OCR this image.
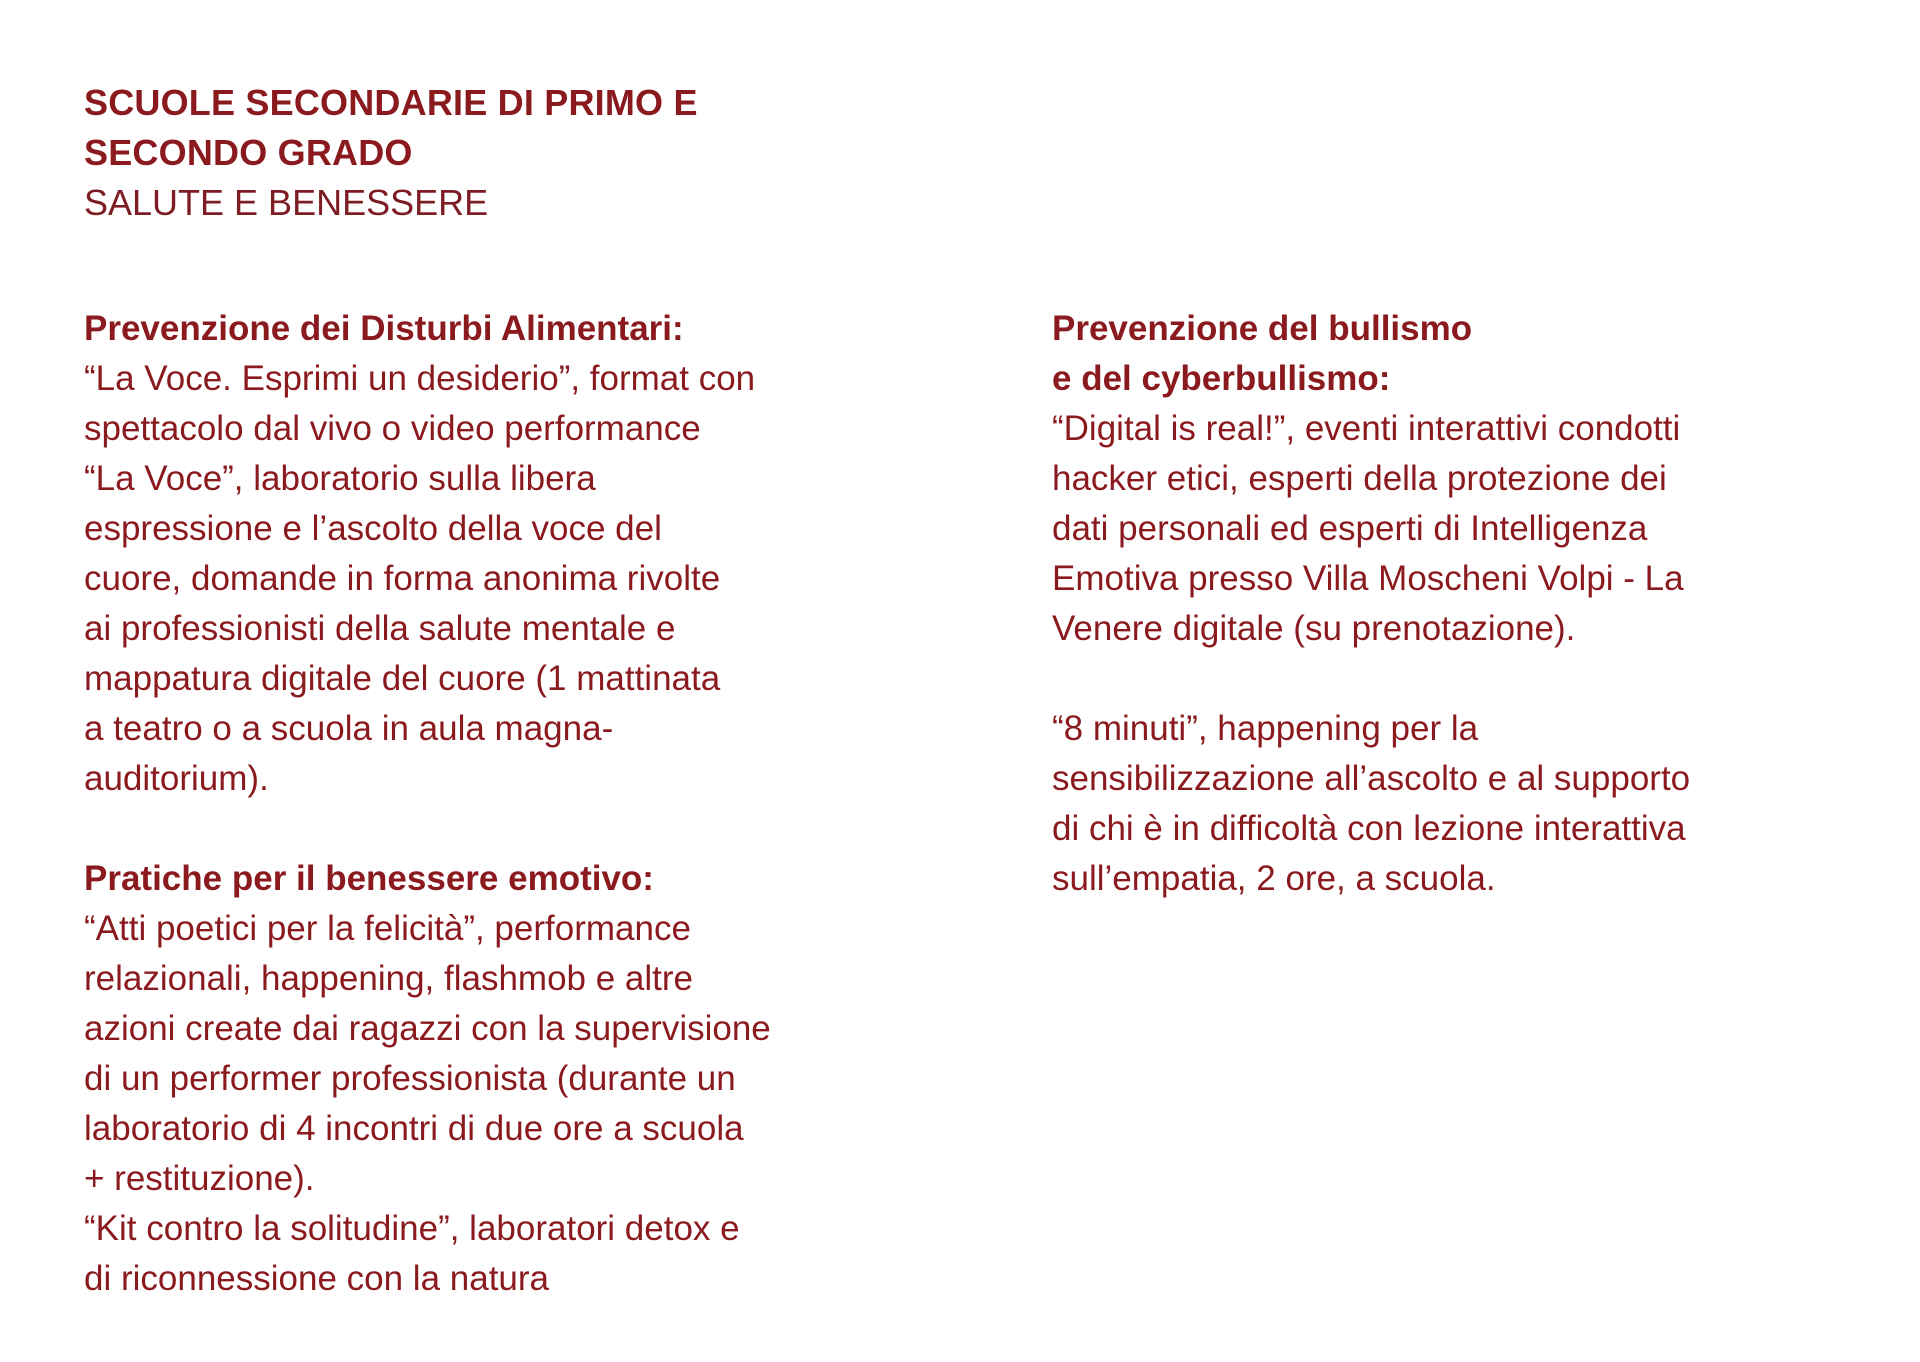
SCUOLE SECONDARIE DI PRIMO E

SECONDO GRADO

SALUTE E BENESSERE

Prevenzione dei Disturbi Alimentari:

“La Voce. Esprimi un desiderio”, format con
spettacolo dal vivo o video performance
“La Voce”, laboratorio sulla libera
espressione e l’ascolto della voce del
cuore, domande in forma anonima rivolte
ai professionisti della salute mentale e
mappatura digitale del cuore (1 mattinata
a teatro o a scuola in aula magna-
auditorium).

Pratiche per il benessere emotivo:

“Atti poetici per la felicità”, performance
relazionali, happening, flashmob e altre
azioni create dai ragazzi con la supervisione
di un performer professionista (durante un
laboratorio di 4 incontri di due ore a scuola
+ restituzione).

“Kit contro la solitudine”, laboratori detox e
di riconnessione con la natura

Prevenzione del bullismo

e del cyberbullismo:

“Digital is real!”, eventi interattivi condotti
hacker etici, esperti della protezione dei
dati personali ed esperti di Intelligenza
Emotiva presso Villa Moscheni Volpi - La
Venere digitale (su prenotazione).

“8 minuti”, happening per la
sensibilizzazione all’ascolto e al supporto
di chi è in difficoltà con lezione interattiva
sull’empatia, 2 ore, a scuola.
